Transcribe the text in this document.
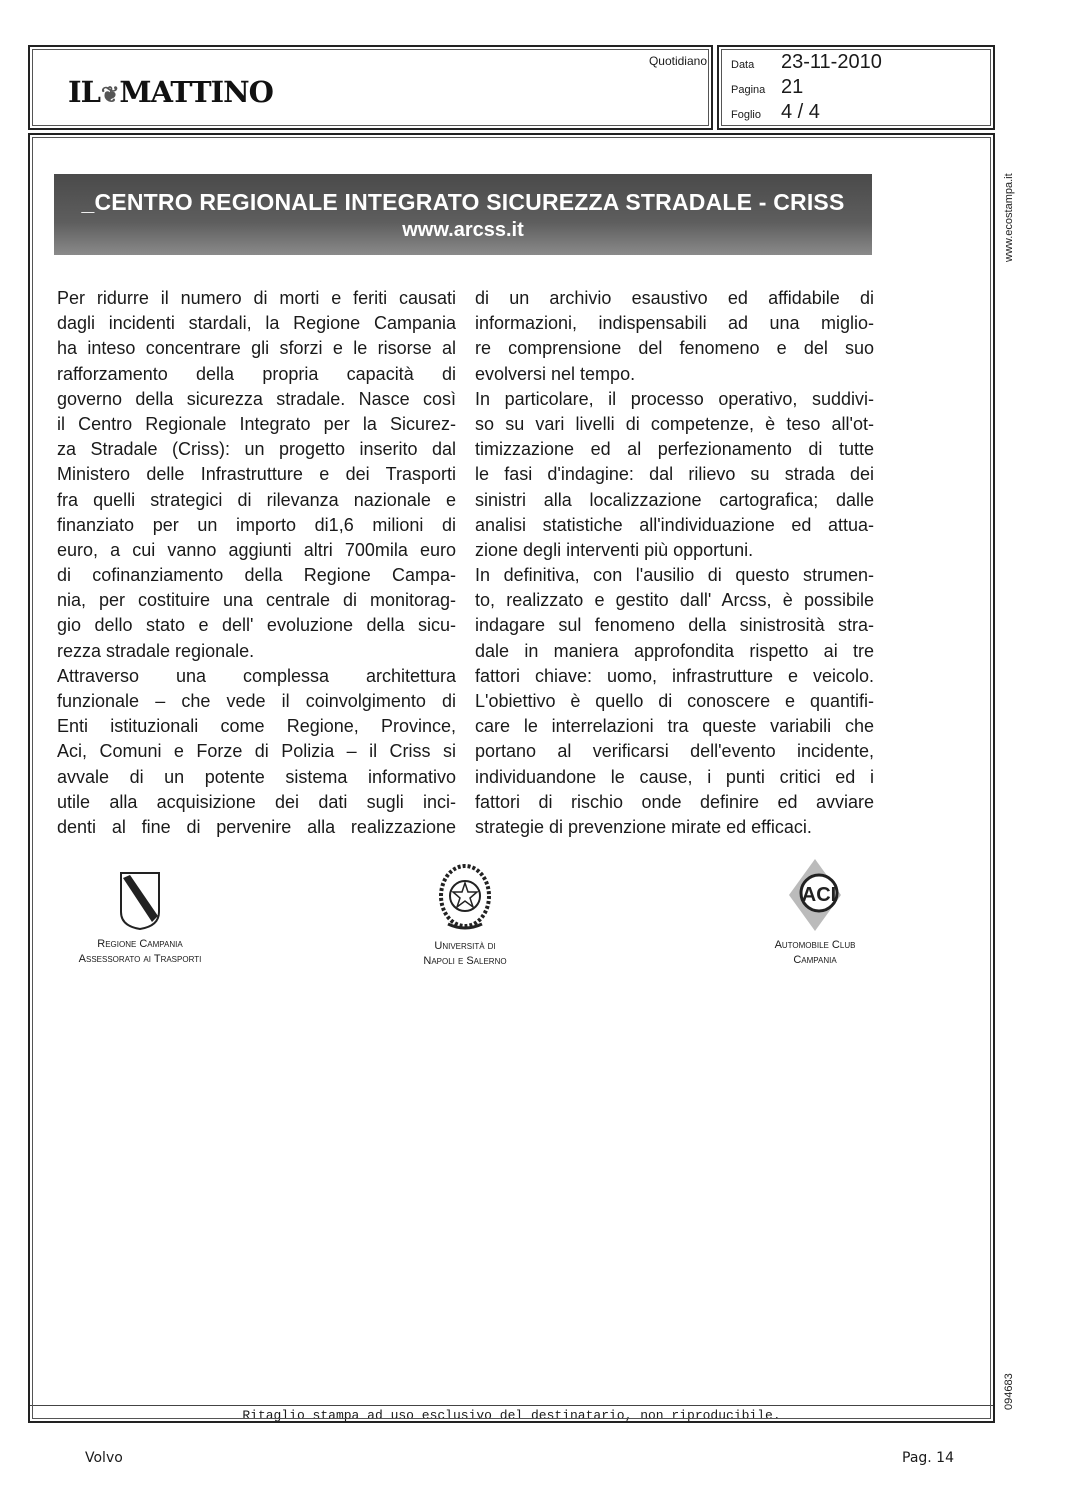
IL❦MATTINO
Quotidiano Data	23-11-2010
Pagina 21
Foglio	4 / 4
_CENTRO REGIONALE INTEGRATO SICUREZZA STRADALE - CRISS
www.arcss.it
Per ridurre il numero di morti e feriti causati
dagli incidenti stardali, la Regione Campania
ha inteso concentrare gli sforzi e le risorse al
rafforzamento della propria capacità di
governo della sicurezza stradale. Nasce così
il Centro Regionale Integrato per la Sicurez-
za Stradale (Criss): un progetto inserito dal
Ministero delle Infrastrutture e dei Trasporti
fra quelli strategici di rilevanza nazionale e
finanziato per un importo di1,6 milioni di
euro, a cui vanno aggiunti altri 700mila euro
di cofinanziamento della Regione Campa-
nia, per costituire una centrale di monitorag-
gio dello stato e dell' evoluzione della sicu-
rezza stradale regionale.
Attraverso una complessa architettura
funzionale – che vede il coinvolgimento di
Enti istituzionali come Regione, Province,
Aci, Comuni e Forze di Polizia – il Criss si
avvale di un potente sistema informativo
utile alla acquisizione dei dati sugli inci-
denti al fine di pervenire alla realizzazione
di un archivio esaustivo ed affidabile di
informazioni, indispensabili ad una miglio-
re comprensione del fenomeno e del suo
evolversi nel tempo.
In particolare, il processo operativo, suddivi-
so su vari livelli di competenze, è teso all'ot-
timizzazione ed al perfezionamento di tutte
le fasi d'indagine: dal rilievo su strada dei
sinistri alla localizzazione cartografica; dalle
analisi statistiche all'individuazione ed attua-
zione degli interventi più opportuni.
In definitiva, con l'ausilio di questo strumen-
to, realizzato e gestito dall' Arcss, è possibile
indagare sul fenomeno della sinistrosità stra-
dale in maniera approfondita rispetto ai tre
fattori chiave: uomo, infrastrutture e veicolo.
L'obiettivo è quello di conoscere e quantifi-
care le interrelazioni tra queste variabili che
portano al verificarsi dell'evento incidente,
individuandone le cause, i punti critici ed i
fattori di rischio onde definire ed avviare
strategie di prevenzione mirate ed efficaci.
Regione Campania
Assessorato ai Trasporti
Università di
Napoli e Salerno
ACI
Automobile Club
Campania
Ritaglio stampa ad uso esclusivo del destinatario, non riproducibile.
www.ecostampa.it
094683
Volvo	Pag. 14
